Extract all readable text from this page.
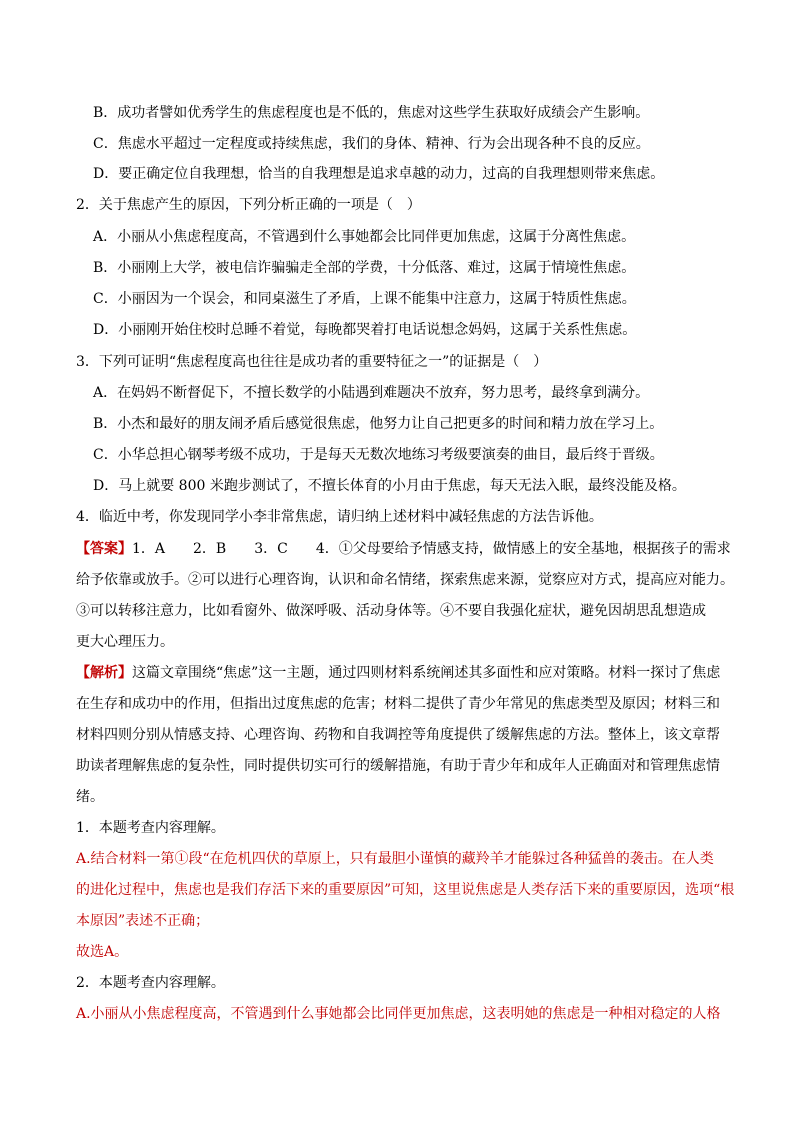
B．成功者譬如优秀学生的焦虑程度也是不低的，焦虑对这些学生获取好成绩会产生影响。
C．焦虑水平超过一定程度或持续焦虑，我们的身体、精神、行为会出现各种不良的反应。
D．要正确定位自我理想，恰当的自我理想是追求卓越的动力，过高的自我理想则带来焦虑。
2．关于焦虑产生的原因，下列分析正确的一项是（　）
A．小丽从小焦虑程度高，不管遇到什么事她都会比同伴更加焦虑，这属于分离性焦虑。
B．小丽刚上大学，被电信诈骗骗走全部的学费，十分低落、难过，这属于情境性焦虑。
C．小丽因为一个误会，和同桌滋生了矛盾，上课不能集中注意力，这属于特质性焦虑。
D．小丽刚开始住校时总睡不着觉，每晚都哭着打电话说想念妈妈，这属于关系性焦虑。
3．下列可证明“焦虑程度高也往往是成功者的重要特征之一”的证据是（　）
A．在妈妈不断督促下，不擅长数学的小陆遇到难题决不放弃，努力思考，最终拿到满分。
B．小杰和最好的朋友闹矛盾后感觉很焦虑，他努力让自己把更多的时间和精力放在学习上。
C．小华总担心钢琴考级不成功，于是每天无数次地练习考级要演奏的曲目，最后终于晋级。
D．马上就要 800 米跑步测试了，不擅长体育的小月由于焦虑，每天无法入眠，最终没能及格。
4．临近中考，你发现同学小李非常焦虑，请归纳上述材料中减轻焦虑的方法告诉他。
【答案】1．A　　2．B　　3．C　　4．①父母要给予情感支持，做情感上的安全基地，根据孩子的需求
给予依靠或放手。②可以进行心理咨询，认识和命名情绪，探索焦虑来源，觉察应对方式，提高应对能力。
③可以转移注意力，比如看窗外、做深呼吸、活动身体等。④不要自我强化症状，避免因胡思乱想造成
更大心理压力。
【解析】这篇文章围绕“焦虑”这一主题，通过四则材料系统阐述其多面性和应对策略。材料一探讨了焦虑
在生存和成功中的作用，但指出过度焦虑的危害；材料二提供了青少年常见的焦虑类型及原因；材料三和
材料四则分别从情感支持、心理咨询、药物和自我调控等角度提供了缓解焦虑的方法。整体上，该文章帮
助读者理解焦虑的复杂性，同时提供切实可行的缓解措施，有助于青少年和成年人正确面对和管理焦虑情
绪。
1．本题考查内容理解。
A.结合材料一第①段“在危机四伏的草原上，只有最胆小谨慎的藏羚羊才能躲过各种猛兽的袭击。在人类
的进化过程中，焦虑也是我们存活下来的重要原因”可知，这里说焦虑是人类存活下来的重要原因，选项“根
本原因”表述不正确；
故选A。
2．本题考查内容理解。
A.小丽从小焦虑程度高，不管遇到什么事她都会比同伴更加焦虑，这表明她的焦虑是一种相对稳定的人格
